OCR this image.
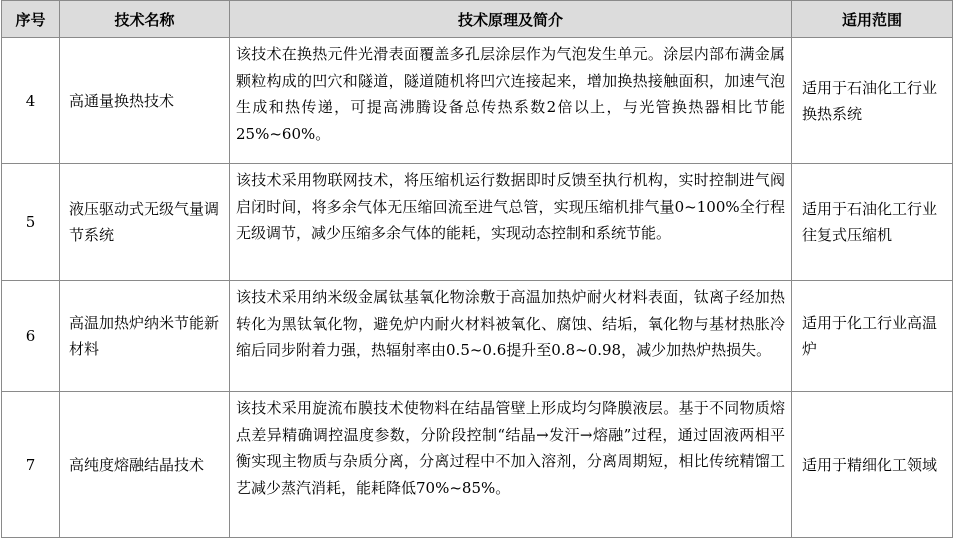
序号	技术名称	技术原理及简介	适用范围
4	高通量换热技术	该技术在换热元件光滑表面覆盖多孔层涂层作为气泡发生单元。涂层内部布满金属颗粒构成的凹穴和隧道，隧道随机将凹穴连接起来，增加换热接触面积，加速气泡生成和热传递，可提高沸腾设备总传热系数2倍以上，与光管换热器相比节能25%~60%。	适用于石油化工行业换热系统
5	液压驱动式无级气量调节系统	该技术采用物联网技术，将压缩机运行数据即时反馈至执行机构，实时控制进气阀启闭时间，将多余气体无压缩回流至进气总管，实现压缩机排气量0~100%全行程无级调节，减少压缩多余气体的能耗，实现动态控制和系统节能。	适用于石油化工行业往复式压缩机
6	高温加热炉纳米节能新材料	该技术采用纳米级金属钛基氧化物涂敷于高温加热炉耐火材料表面，钛离子经加热转化为黑钛氧化物，避免炉内耐火材料被氧化、腐蚀、结垢，氧化物与基材热胀冷缩后同步附着力强，热辐射率由0.5~0.6提升至0.8~0.98，减少加热炉热损失。	适用于化工行业高温炉
7	高纯度熔融结晶技术	该技术采用旋流布膜技术使物料在结晶管壁上形成均匀降膜液层。基于不同物质熔点差异精确调控温度参数，分阶段控制“结晶→发汗→熔融”过程，通过固液两相平衡实现主物质与杂质分离，分离过程中不加入溶剂，分离周期短，相比传统精馏工艺减少蒸汽消耗，能耗降低70%~85%。	适用于精细化工领域
